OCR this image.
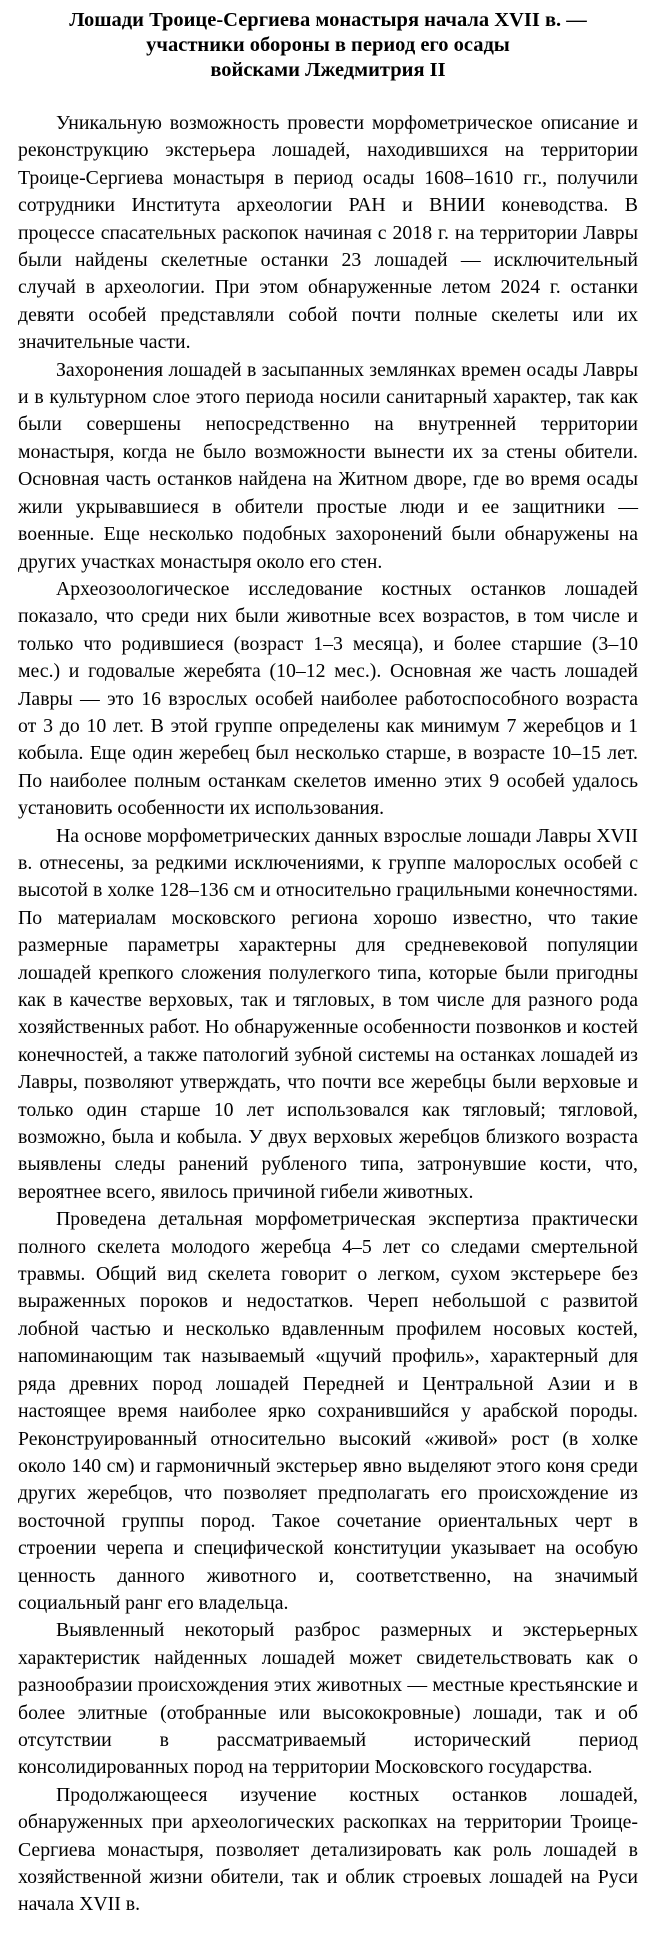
Лошади Троице-Сергиева монастыря начала XVII в. —
участники обороны в период его осады
войсками Лжедмитрия II

Уникальную возможность провести морфометрическое описание и реконструкцию экстерьера лошадей, находившихся на территории Троице-Сергиева монастыря в период осады 1608–1610 гг., получили сотрудники Института археологии РАН и ВНИИ коневодства. В процессе спасательных раскопок начиная с 2018 г. на территории Лавры были найдены скелетные останки 23 лошадей — исключительный случай в археологии. При этом обнаруженные летом 2024 г. останки девяти особей представляли собой почти полные скелеты или их значительные части.

Захоронения лошадей в засыпанных землянках времен осады Лавры и в культурном слое этого периода носили санитарный характер, так как были совершены непосредственно на внутренней территории монастыря, когда не было возможности вынести их за стены обители. Основная часть останков найдена на Житном дворе, где во время осады жили укрывавшиеся в обители простые люди и ее защитники — военные. Еще несколько подобных захоронений были обнаружены на других участках монастыря около его стен.

Археозоологическое исследование костных останков лошадей показало, что среди них были животные всех возрастов, в том числе и только что родившиеся (возраст 1–3 месяца), и более старшие (3–10 мес.) и годовалые жеребята (10–12 мес.). Основная же часть лошадей Лавры — это 16 взрослых особей наиболее работоспособного возраста от 3 до 10 лет. В этой группе определены как минимум 7 жеребцов и 1 кобыла. Еще один жеребец был несколько старше, в возрасте 10–15 лет. По наиболее полным останкам скелетов именно этих 9 особей удалось установить особенности их использования.

На основе морфометрических данных взрослые лошади Лавры XVII в. отнесены, за редкими исключениями, к группе малорослых особей с высотой в холке 128–136 см и относительно грацильными конечностями. По материалам московского региона хорошо известно, что такие размерные параметры характерны для средневековой популяции лошадей крепкого сложения полулегкого типа, которые были пригодны как в качестве верховых, так и тягловых, в том числе для разного рода хозяйственных работ. Но обнаруженные особенности позвонков и костей конечностей, а также патологий зубной системы на останках лошадей из Лавры, позволяют утверждать, что почти все жеребцы были верховые и только один старше 10 лет использовался как тягловый; тягловой, возможно, была и кобыла. У двух верховых жеребцов близкого возраста выявлены следы ранений рубленого типа, затронувшие кости, что, вероятнее всего, явилось причиной гибели животных.

Проведена детальная морфометрическая экспертиза практически полного скелета молодого жеребца 4–5 лет со следами смертельной травмы. Общий вид скелета говорит о легком, сухом экстерьере без выраженных пороков и недостатков. Череп небольшой с развитой лобной частью и несколько вдавленным профилем носовых костей, напоминающим так называемый «щучий профиль», характерный для ряда древних пород лошадей Передней и Центральной Азии и в настоящее время наиболее ярко сохранившийся у арабской породы. Реконструированный относительно высокий «живой» рост (в холке около 140 см) и гармоничный экстерьер явно выделяют этого коня среди других жеребцов, что позволяет предполагать его происхождение из восточной группы пород. Такое сочетание ориентальных черт в строении черепа и специфической конституции указывает на особую ценность данного животного и, соответственно, на значимый социальный ранг его владельца.

Выявленный некоторый разброс размерных и экстерьерных характеристик найденных лошадей может свидетельствовать как о разнообразии происхождения этих животных — местные крестьянские и более элитные (отобранные или высококровные) лошади, так и об отсутствии в рассматриваемый исторический период консолидированных пород на территории Московского государства.

Продолжающееся изучение костных останков лошадей, обнаруженных при археологических раскопках на территории Троице-Сергиева монастыря, позволяет детализировать как роль лошадей в хозяйственной жизни обители, так и облик строевых лошадей на Руси начала XVII в.
